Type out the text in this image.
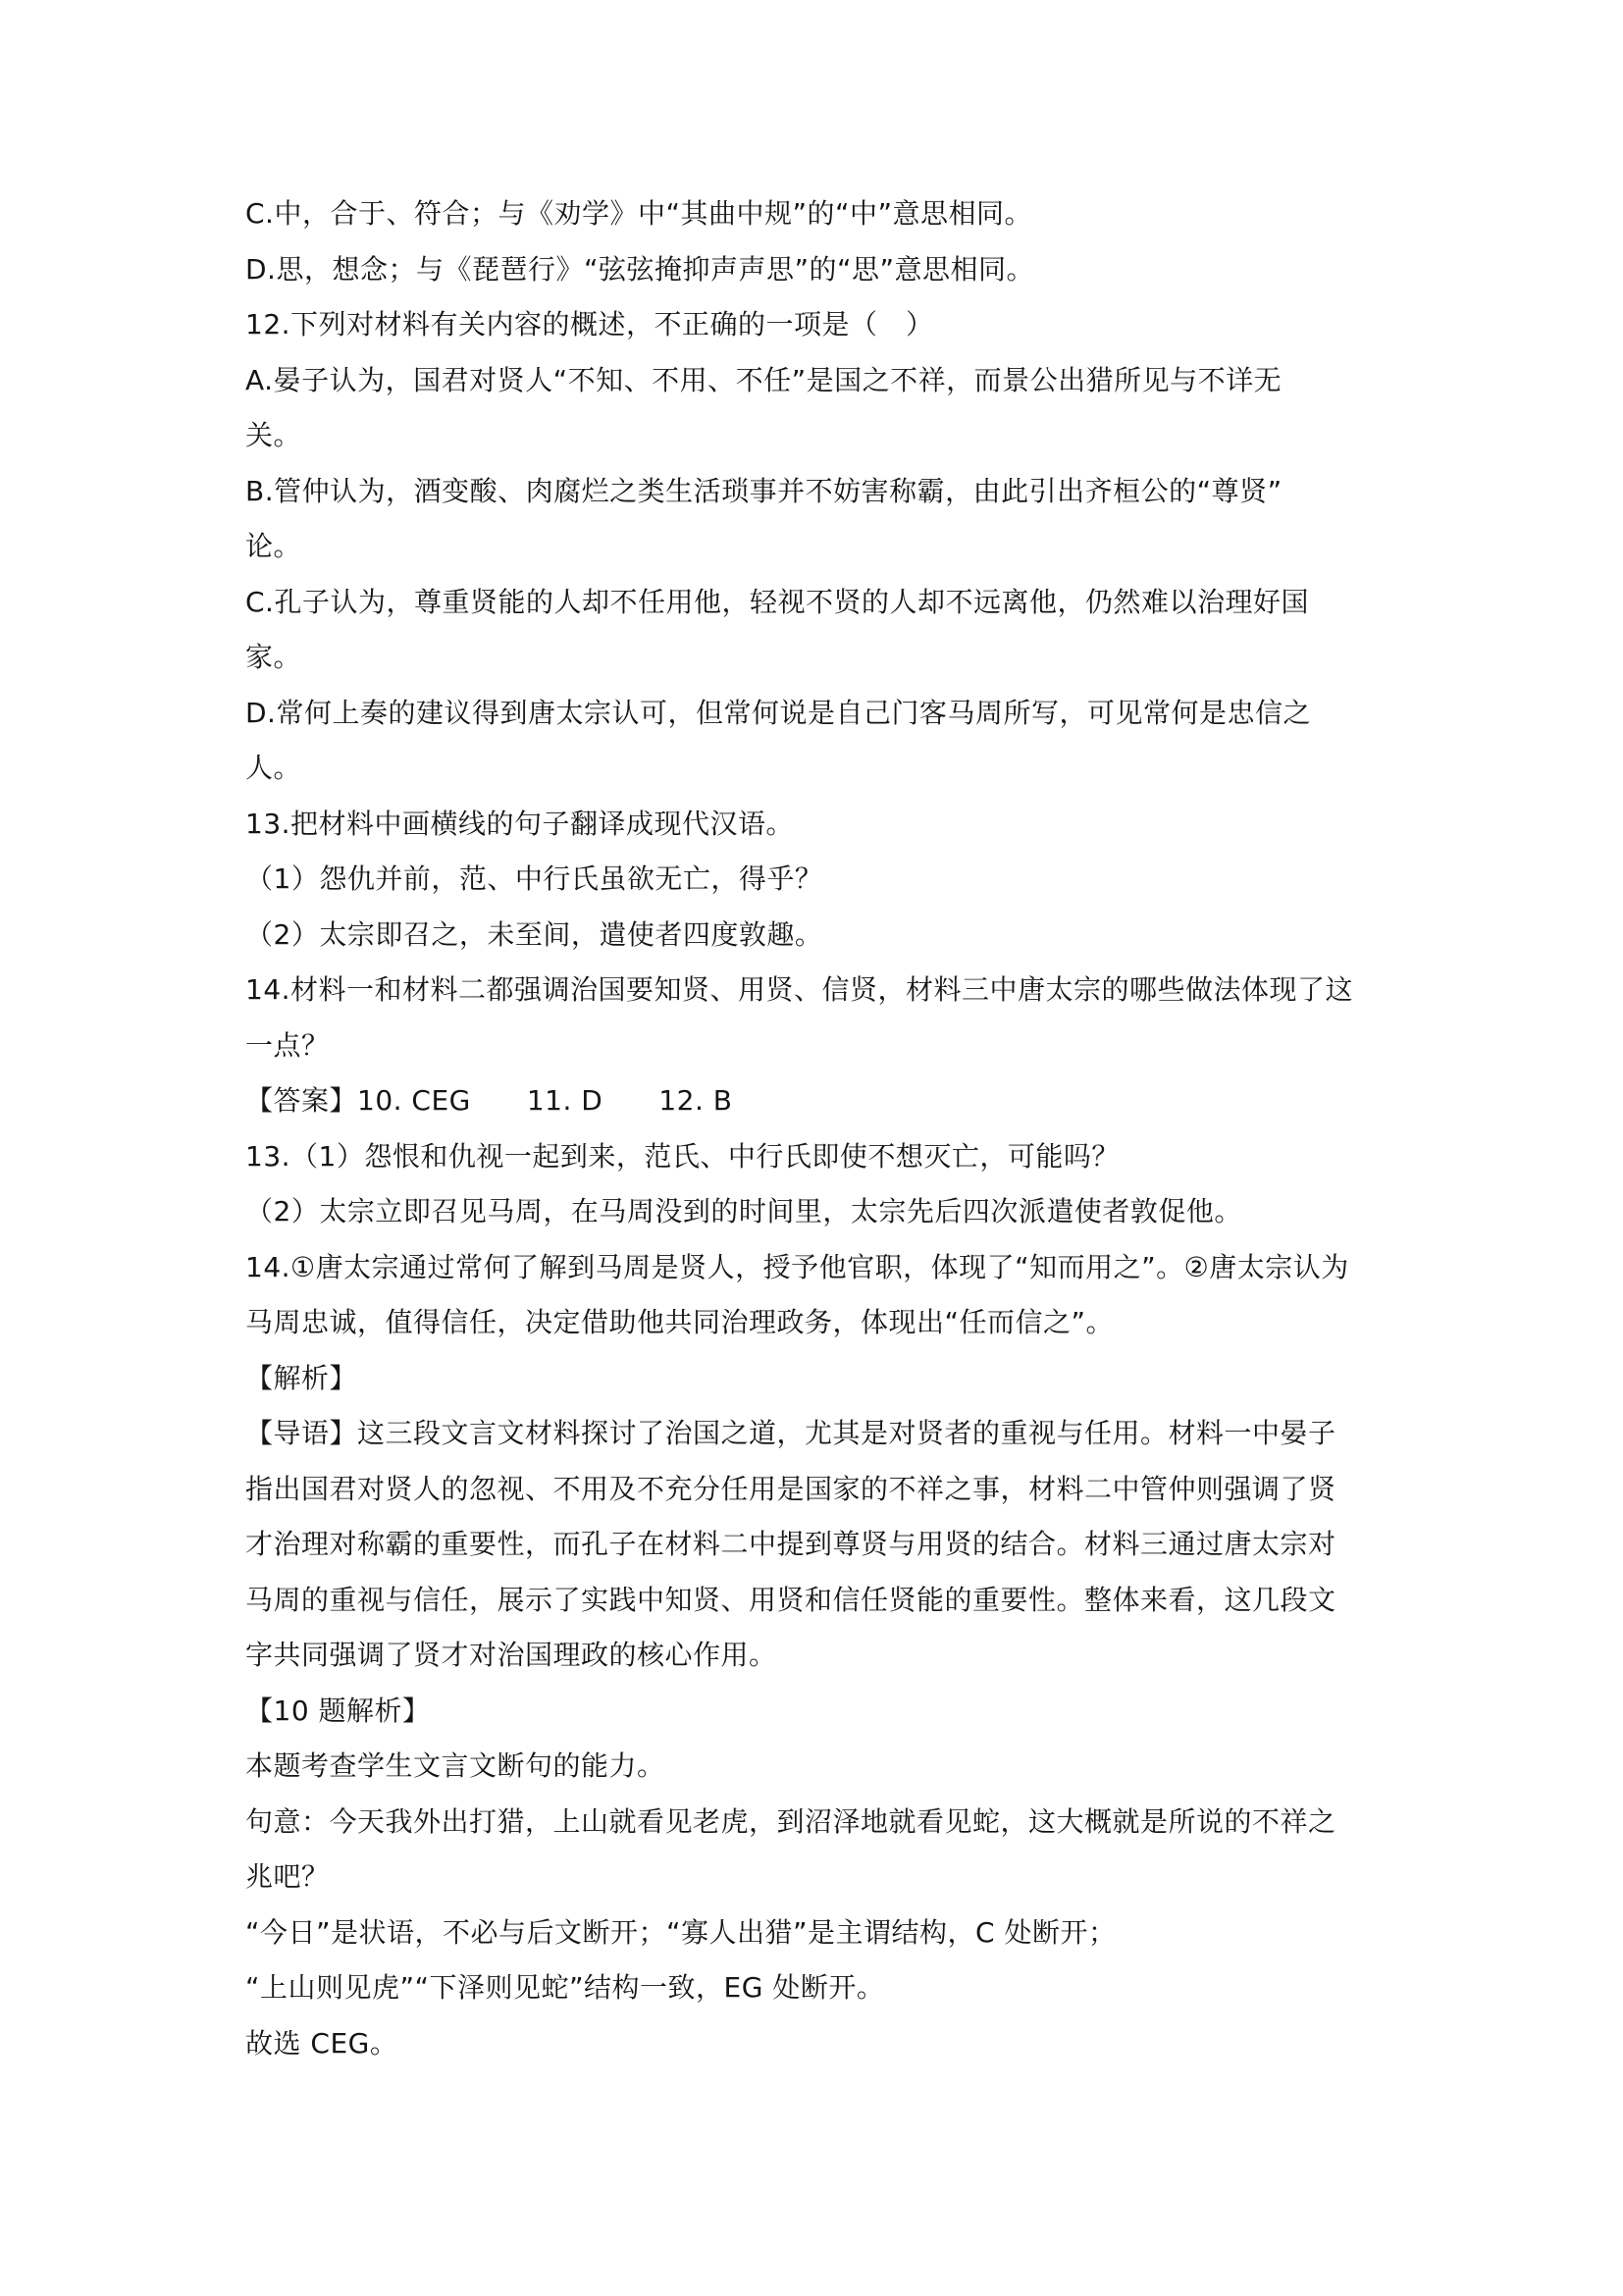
C.中，合于、符合；与《劝学》中“其曲中规”的“中”意思相同。
D.思，想念；与《琵琶行》“弦弦掩抑声声思”的“思”意思相同。
12.下列对材料有关内容的概述，不正确的一项是（　）
A.晏子认为，国君对贤人“不知、不用、不任”是国之不祥，而景公出猎所见与不详无
关。
B.管仲认为，酒变酸、肉腐烂之类生活琐事并不妨害称霸，由此引出齐桓公的“尊贤”
论。
C.孔子认为，尊重贤能的人却不任用他，轻视不贤的人却不远离他，仍然难以治理好国
家。
D.常何上奏的建议得到唐太宗认可，但常何说是自己门客马周所写，可见常何是忠信之
人。
13.把材料中画横线的句子翻译成现代汉语。
（1）怨仇并前，范、中行氏虽欲无亡，得乎？
（2）太宗即召之，未至间，遣使者四度敦趣。
14.材料一和材料二都强调治国要知贤、用贤、信贤，材料三中唐太宗的哪些做法体现了这
一点？
【答案】10. CEG　　11. D　　12. B
13.（1）怨恨和仇视一起到来，范氏、中行氏即使不想灭亡，可能吗？
（2）太宗立即召见马周，在马周没到的时间里，太宗先后四次派遣使者敦促他。
14.①唐太宗通过常何了解到马周是贤人，授予他官职，体现了“知而用之”。②唐太宗认为
马周忠诚，值得信任，决定借助他共同治理政务，体现出“任而信之”。
【解析】
【导语】这三段文言文材料探讨了治国之道，尤其是对贤者的重视与任用。材料一中晏子
指出国君对贤人的忽视、不用及不充分任用是国家的不祥之事，材料二中管仲则强调了贤
才治理对称霸的重要性，而孔子在材料二中提到尊贤与用贤的结合。材料三通过唐太宗对
马周的重视与信任，展示了实践中知贤、用贤和信任贤能的重要性。整体来看，这几段文
字共同强调了贤才对治国理政的核心作用。
【10 题解析】
本题考查学生文言文断句的能力。
句意：今天我外出打猎，上山就看见老虎，到沼泽地就看见蛇，这大概就是所说的不祥之
兆吧？
“今日”是状语，不必与后文断开；“寡人出猎”是主谓结构，C 处断开；
“上山则见虎”“下泽则见蛇”结构一致，EG 处断开。
故选 CEG。
